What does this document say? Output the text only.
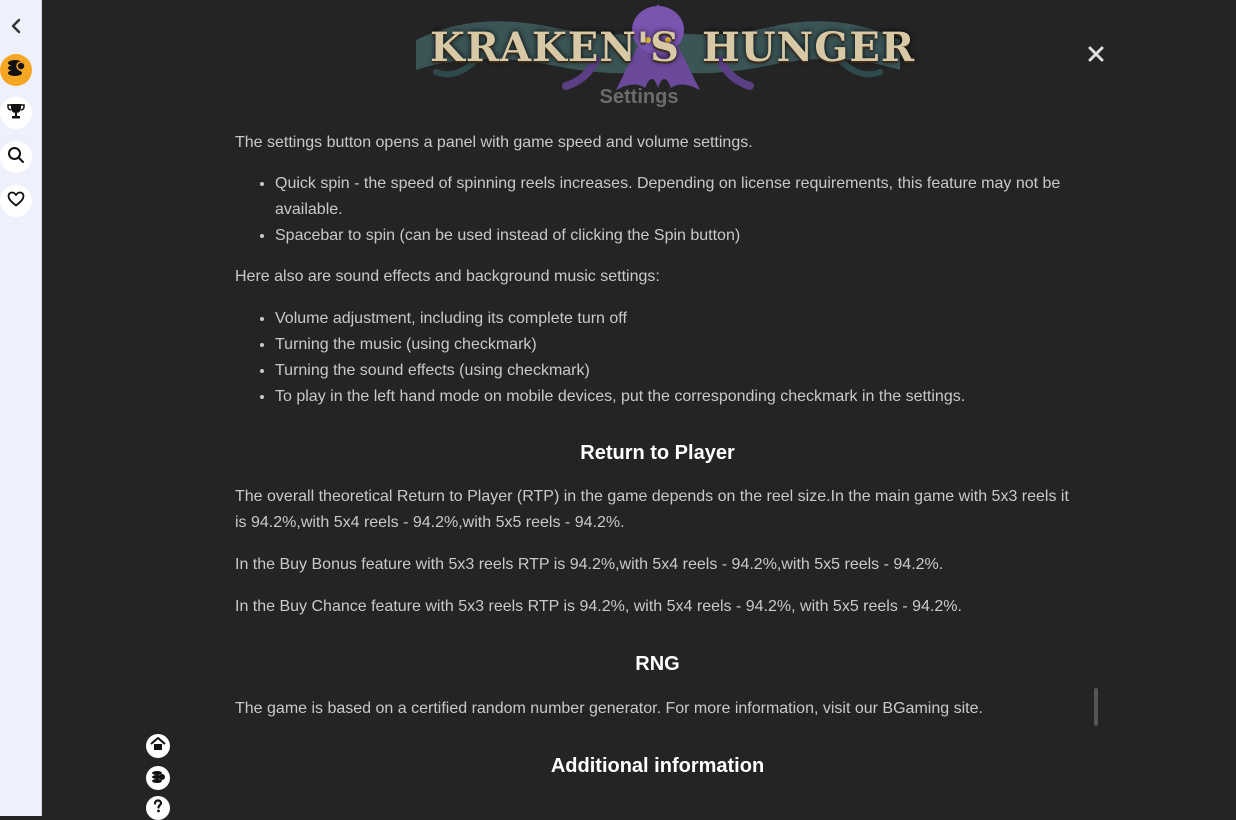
KRAKEN'S HUNGER
Settings

The settings button opens a panel with game speed and volume settings.

• Quick spin - the speed of spinning reels increases. Depending on license requirements, this feature may not be available.
• Spacebar to spin (can be used instead of clicking the Spin button)

Here also are sound effects and background music settings:

• Volume adjustment, including its complete turn off
• Turning the music (using checkmark)
• Turning the sound effects (using checkmark)
• To play in the left hand mode on mobile devices, put the corresponding checkmark in the settings.
Return to Player

The overall theoretical Return to Player (RTP) in the game depends on the reel size.In the main game with 5x3 reels it is 94.2%,with 5x4 reels - 94.2%,with 5x5 reels - 94.2%.

In the Buy Bonus feature with 5x3 reels RTP is 94.2%,with 5x4 reels - 94.2%,with 5x5 reels - 94.2%.

In the Buy Chance feature with 5x3 reels RTP is 94.2%, with 5x4 reels - 94.2%, with 5x5 reels - 94.2%.

RNG

The game is based on a certified random number generator. For more information, visit our BGaming site.

Additional information
